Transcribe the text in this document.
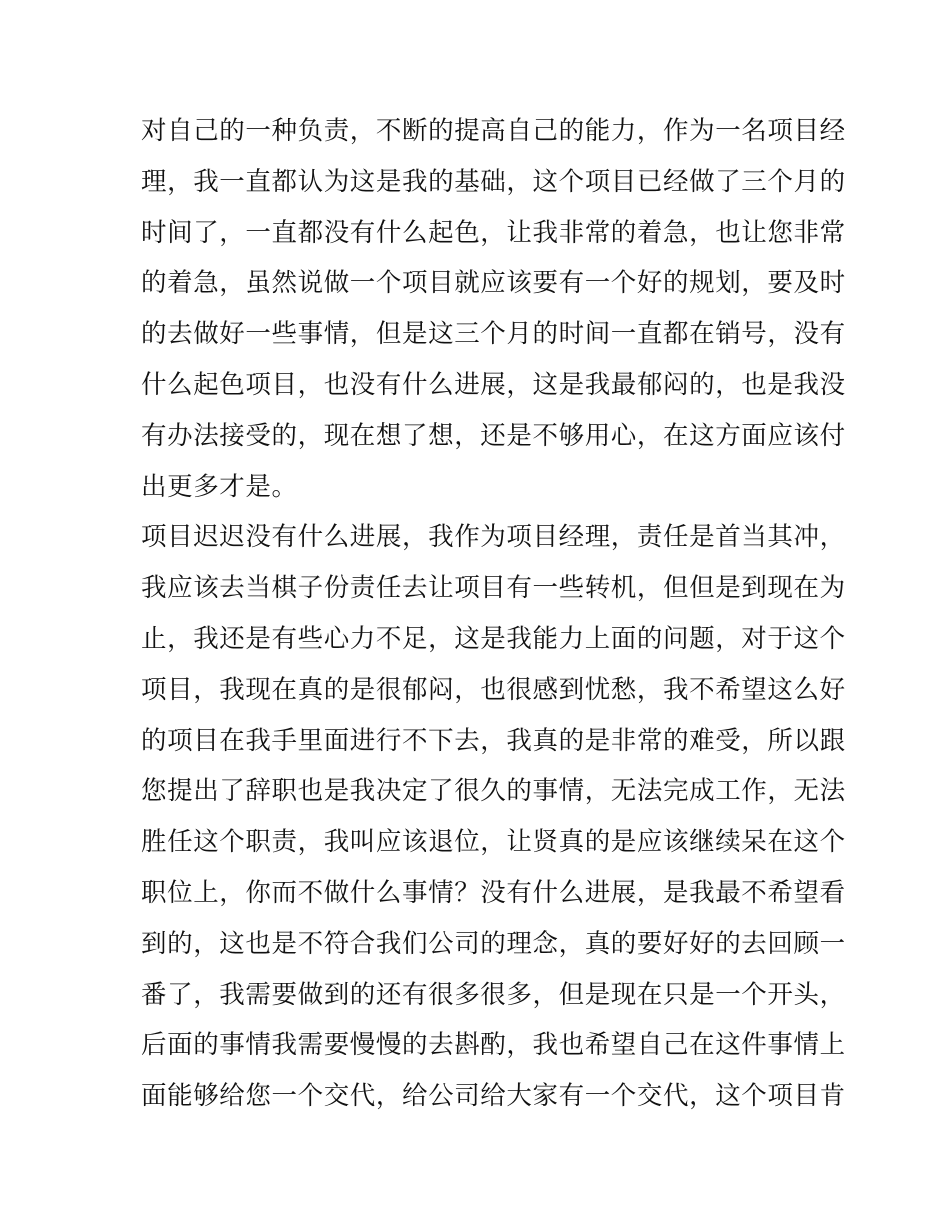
对自己的一种负责，不断的提高自己的能力，作为一名项目经
理，我一直都认为这是我的基础，这个项目已经做了三个月的
时间了，一直都没有什么起色，让我非常的着急，也让您非常
的着急，虽然说做一个项目就应该要有一个好的规划，要及时
的去做好一些事情，但是这三个月的时间一直都在销号，没有
什么起色项目，也没有什么进展，这是我最郁闷的，也是我没
有办法接受的，现在想了想，还是不够用心，在这方面应该付
出更多才是。
项目迟迟没有什么进展，我作为项目经理，责任是首当其冲，
我应该去当棋子份责任去让项目有一些转机，但但是到现在为
止，我还是有些心力不足，这是我能力上面的问题，对于这个
项目，我现在真的是很郁闷，也很感到忧愁，我不希望这么好
的项目在我手里面进行不下去，我真的是非常的难受，所以跟
您提出了辞职也是我决定了很久的事情，无法完成工作，无法
胜任这个职责，我叫应该退位，让贤真的是应该继续呆在这个
职位上，你而不做什么事情？没有什么进展，是我最不希望看
到的，这也是不符合我们公司的理念，真的要好好的去回顾一
番了，我需要做到的还有很多很多，但是现在只是一个开头，
后面的事情我需要慢慢的去斟酌，我也希望自己在这件事情上
面能够给您一个交代，给公司给大家有一个交代，这个项目肯
